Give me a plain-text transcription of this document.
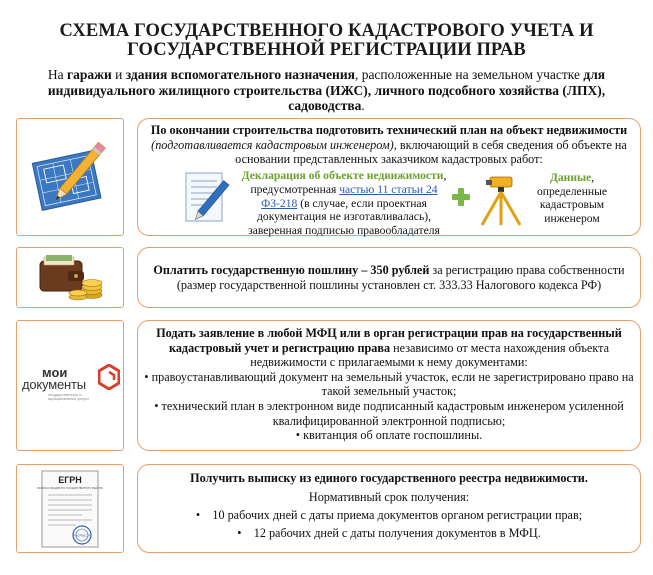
СХЕМА ГОСУДАРСТВЕННОГО КАДАСТРОВОГО УЧЕТА И
ГОСУДАРСТВЕННОЙ РЕГИСТРАЦИИ ПРАВ
На гаражи и здания вспомогательного назначения, расположенные на земельном участке для индивидуального жилищного строительства (ИЖС), личного подсобного хозяйства (ЛПХ), садоводства.
По окончании строительства подготовить технический план на объект недвижимости (подготавливается кадастровым инженером), включающий в себя сведения об объекте на основании представленных заказчиком кадастровых работ:
Декларация об объекте недвижимости,
предусмотренная частью 11 статьи 24 ФЗ-218 (в случае, если проектная документация не изготавливалась), заверенная подписью правообладателя
Данные, определенные кадастровым инженером
Оплатить государственную пошлину – 350 рублей за регистрацию права собственности (размер государственной пошлины установлен ст. 333.33 Налогового кодекса РФ)
мои
документы
государственные и муниципальные услуги
Подать заявление в любой МФЦ или в орган регистрации прав на государственный кадастровый учет и регистрацию права независимо от места нахождения объекта недвижимости с прилагаемыми к нему документами:
• правоустанавливающий документ на земельный участок, если не зарегистрировано право на такой земельный участок;
• технический план в электронном виде подписанный кадастровым инженером усиленной квалифицированной электронной подписью;
• квитанция об оплате госпошлины.
ЕГРН
ВЫПИСКА ИЗ ЕДИНОГО ГОСУДАРСТВЕННОГО РЕЕСТРА
РОСРЕЕСТР
Получить выписку из единого государственного реестра недвижимости.
Нормативный срок получения:
•    10 рабочих дней с даты приема документов органом регистрации прав;
•    12 рабочих дней с даты получения документов в МФЦ.
